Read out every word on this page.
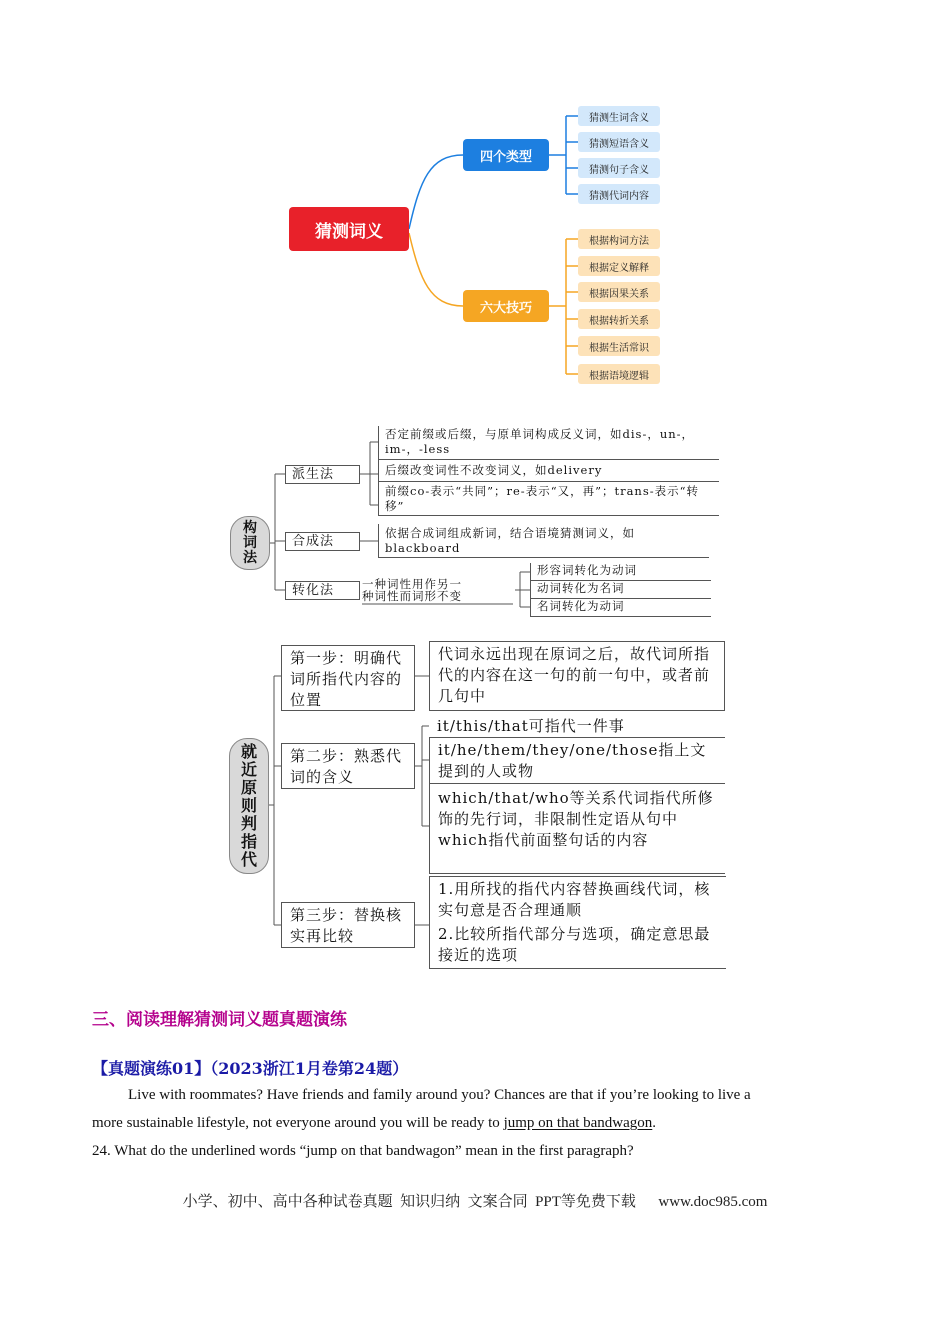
猜测词义
四个类型
六大技巧
猜测生词含义
猜测短语含义
猜测句子含义
猜测代词内容
根据构词方法
根据定义解释
根据因果关系
根据转折关系
根据生活常识
根据语境逻辑
构
词
法
派生法
合成法
转化法
否定前缀或后缀，与原单词构成反义词，如dis-，un-，im-，-less
后缀改变词性不改变词义，如delivery
前缀co-表示“共同”；re-表示“又，再”；trans-表示“转移”
依据合成词组成新词，结合语境猜测词义，如blackboard
一种词性用作另一
种词性而词形不变
形容词转化为动词
动词转化为名词
名词转化为动词
就
近
原
则
判
指
代
第一步：明确代词所指代内容的位置
第二步：熟悉代词的含义
第三步：替换核实再比较
代词永远出现在原词之后，故代词所指代的内容在这一句的前一句中，或者前几句中
it/this/that可指代一件事
it/he/them/they/one/those指上文提到的人或物
which/that/who等关系代词指代所修饰的先行词，非限制性定语从句中which指代前面整句话的内容
1.用所找的指代内容替换画线代词，核实句意是否合理通顺
2.比较所指代部分与选项，确定意思最接近的选项
三、阅读理解猜测词义题真题演练
【真题演练01】（2023浙江1月卷第24题）
Live with roommates? Have friends and family around you? Chances are that if you’re looking to live a
more sustainable lifestyle, not everyone around you will be ready to jump on that bandwagon.
24. What do the underlined words “jump on that bandwagon” mean in the first paragraph?
小学、初中、高中各种试卷真题  知识归纳  文案合同  PPT等免费下载      www.doc985.com
